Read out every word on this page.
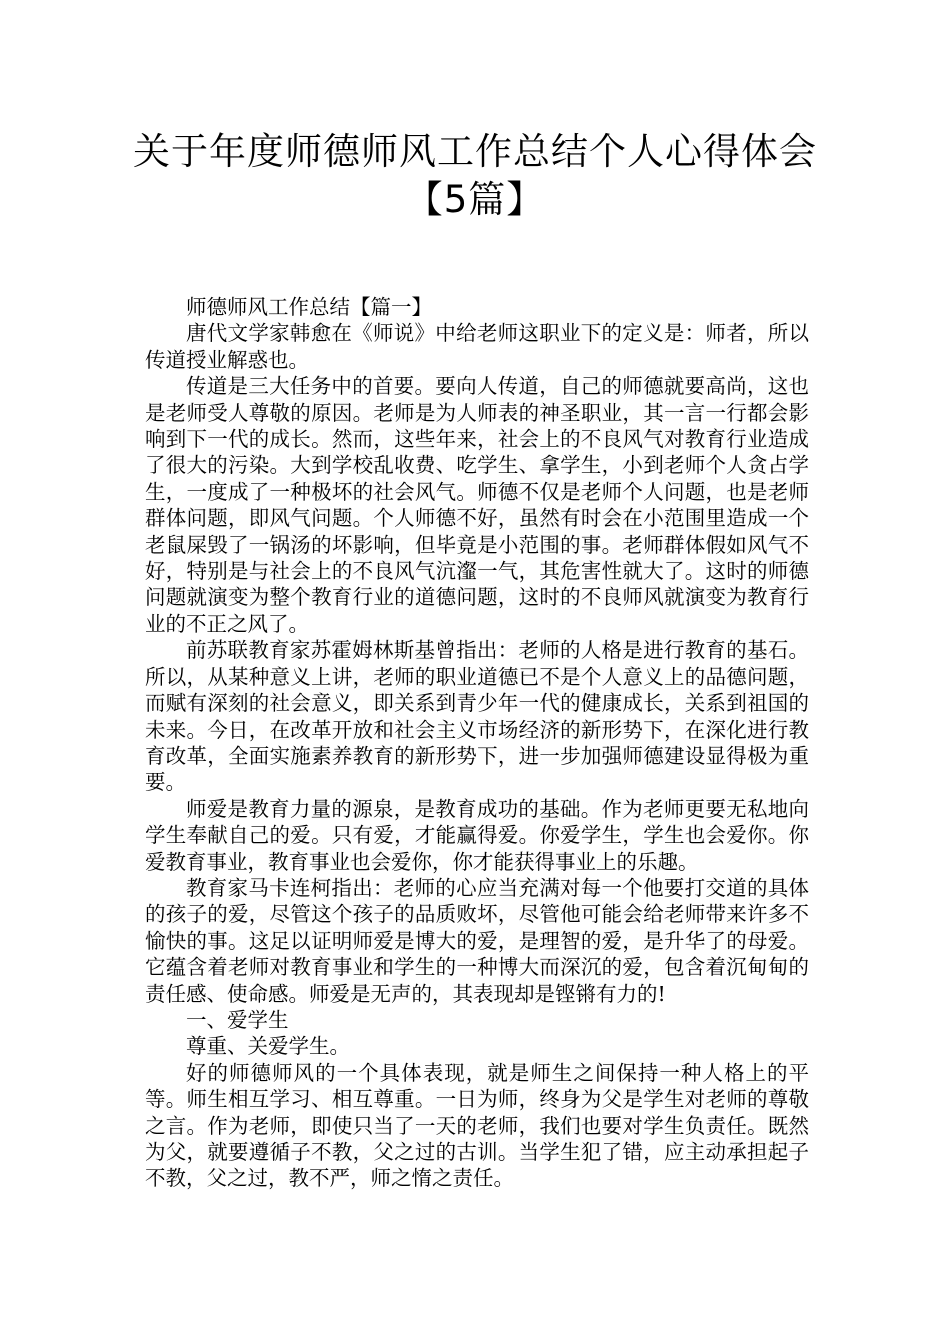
关于年度师德师风工作总结个人心得体会【5篇】

师德师风工作总结【篇一】

唐代文学家韩愈在《师说》中给老师这职业下的定义是：师者，所以传道授业解惑也。

传道是三大任务中的首要。要向人传道，自己的师德就要高尚，这也是老师受人尊敬的原因。老师是为人师表的神圣职业，其一言一行都会影响到下一代的成长。然而，这些年来，社会上的不良风气对教育行业造成了很大的污染。大到学校乱收费、吃学生、拿学生，小到老师个人贪占学生，一度成了一种极坏的社会风气。师德不仅是老师个人问题，也是老师群体问题，即风气问题。个人师德不好，虽然有时会在小范围里造成一个老鼠屎毁了一锅汤的坏影响，但毕竟是小范围的事。老师群体假如风气不好，特别是与社会上的不良风气沆瀣一气，其危害性就大了。这时的师德问题就演变为整个教育行业的道德问题，这时的不良师风就演变为教育行业的不正之风了。

前苏联教育家苏霍姆林斯基曾指出：老师的人格是进行教育的基石。所以，从某种意义上讲，老师的职业道德已不是个人意义上的品德问题，而赋有深刻的社会意义，即关系到青少年一代的健康成长，关系到祖国的未来。今日，在改革开放和社会主义市场经济的新形势下，在深化进行教育改革，全面实施素养教育的新形势下，进一步加强师德建设显得极为重要。

师爱是教育力量的源泉，是教育成功的基础。作为老师更要无私地向学生奉献自己的爱。只有爱，才能赢得爱。你爱学生，学生也会爱你。你爱教育事业，教育事业也会爱你，你才能获得事业上的乐趣。

教育家马卡连柯指出：老师的心应当充满对每一个他要打交道的具体的孩子的爱，尽管这个孩子的品质败坏，尽管他可能会给老师带来许多不愉快的事。这足以证明师爱是博大的爱，是理智的爱，是升华了的母爱。它蕴含着老师对教育事业和学生的一种博大而深沉的爱，包含着沉甸甸的责任感、使命感。师爱是无声的，其表现却是铿锵有力的!

一、爱学生

尊重、关爱学生。

好的师德师风的一个具体表现，就是师生之间保持一种人格上的平等。师生相互学习、相互尊重。一日为师，终身为父是学生对老师的尊敬之言。作为老师，即使只当了一天的老师，我们也要对学生负责任。既然为父，就要遵循子不教，父之过的古训。当学生犯了错，应主动承担起子不教，父之过，教不严，师之惰之责任。
